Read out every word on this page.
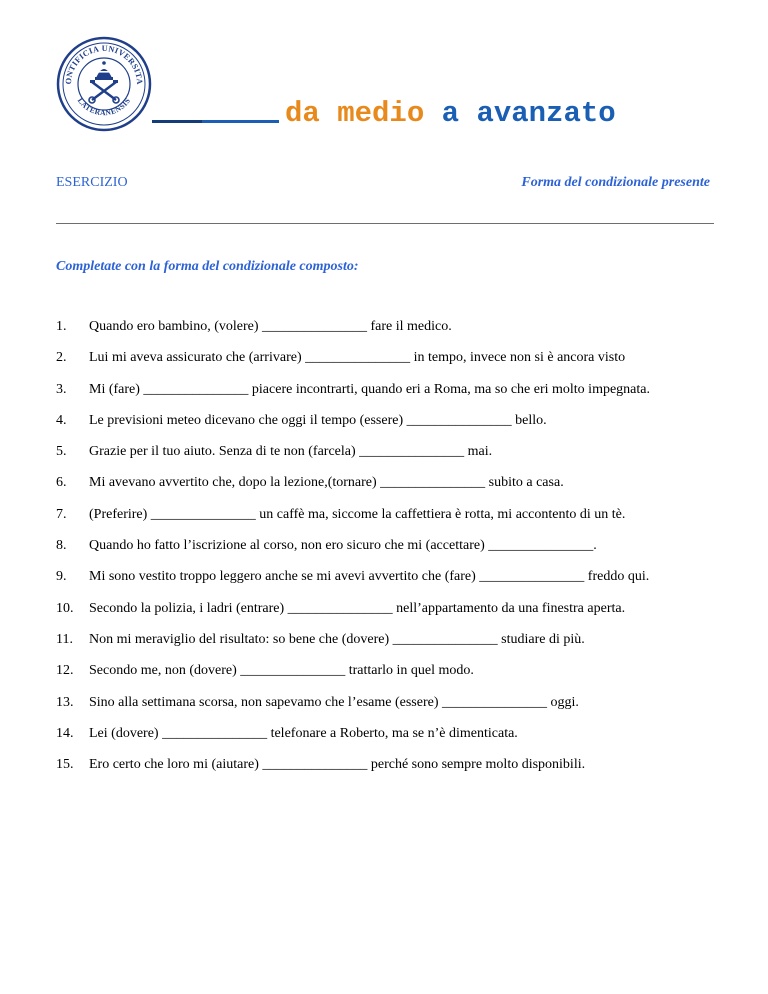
ONTIFICIA UNIVERSITA
LATERANENSIS	da medio a avanzato
ESERCIZIO	Forma del condizionale presente
Completate con la forma del condizionale composto:
1. Quando ero bambino, (volere) _______________ fare il medico.
2. Lui mi aveva assicurato che (arrivare) _______________ in tempo, invece non si è ancora visto
3. Mi (fare) _______________ piacere incontrarti, quando eri a Roma, ma so che eri molto impegnata.
4. Le previsioni meteo dicevano che oggi il tempo (essere) _______________ bello.
5. Grazie per il tuo aiuto. Senza di te non (farcela) _______________ mai.
6. Mi avevano avvertito che, dopo la lezione,(tornare) _______________ subito a casa.
7. (Preferire) _______________ un caffè ma, siccome la caffettiera è rotta, mi accontento di un tè.
8. Quando ho fatto l’iscrizione al corso, non ero sicuro che mi (accettare) _______________.
9. Mi sono vestito troppo leggero anche se mi avevi avvertito che (fare) _______________ freddo qui.
10. Secondo la polizia, i ladri (entrare) _______________ nell’appartamento da una finestra aperta.
11. Non mi meraviglio del risultato: so bene che (dovere) _______________ studiare di più.
12. Secondo me, non (dovere) _______________ trattarlo in quel modo.
13. Sino alla settimana scorsa, non sapevamo che l’esame (essere) _______________ oggi.
14. Lei (dovere) _______________ telefonare a Roberto, ma se n’è dimenticata.
15. Ero certo che loro mi (aiutare) _______________ perché sono sempre molto disponibili.
